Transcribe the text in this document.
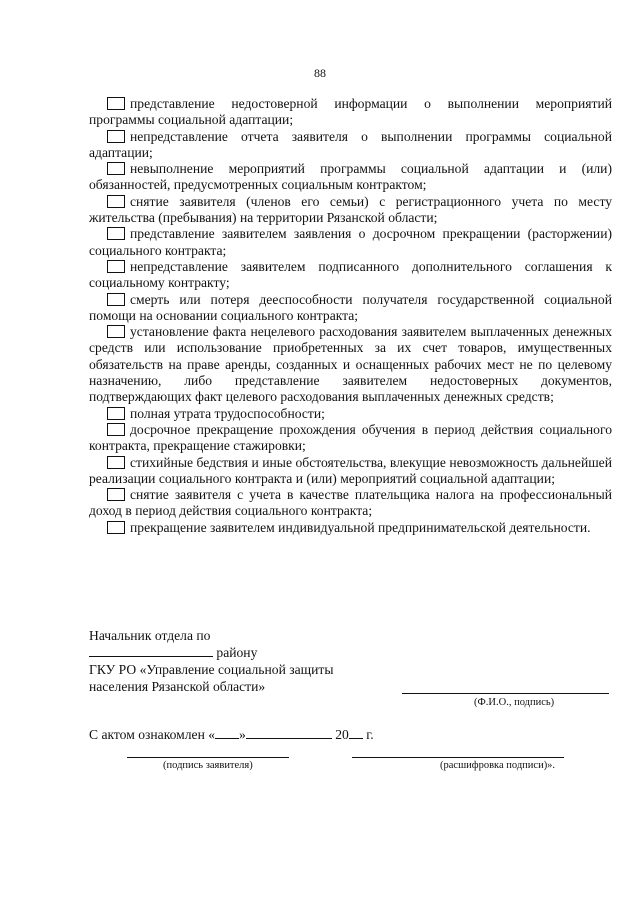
88

представление недостоверной информации о выполнении мероприятий программы социальной адаптации;

непредставление отчета заявителя о выполнении программы социальной адаптации;

невыполнение мероприятий программы социальной адаптации и (или) обязанностей, предусмотренных социальным контрактом;

снятие заявителя (членов его семьи) с регистрационного учета по месту жительства (пребывания) на территории Рязанской области;

представление заявителем заявления о досрочном прекращении (расторжении) социального контракта;

непредставление заявителем подписанного дополнительного соглашения к социальному контракту;

смерть или потеря дееспособности получателя государственной социальной помощи на основании социального контракта;

установление факта нецелевого расходования заявителем выплаченных денежных средств или использование приобретенных за их счет товаров, имущественных обязательств на праве аренды, созданных и оснащенных рабочих мест не по целевому назначению, либо представление заявителем недостоверных документов, подтверждающих факт целевого расходования выплаченных денежных средств;

полная утрата трудоспособности;

досрочное прекращение прохождения обучения в период действия социального контракта, прекращение стажировки;

стихийные бедствия и иные обстоятельства, влекущие невозможность дальнейшей реализации социального контракта и (или) мероприятий социальной адаптации;

снятие заявителя с учета в качестве плательщика налога на профессиональный доход в период действия социального контракта;

прекращение заявителем индивидуальной предпринимательской деятельности.

Начальник отдела по
району
ГКУ РО «Управление социальной защиты
населения Рязанской области»
(Ф.И.О., подпись)
С актом ознакомлен « »	20 г.
(подпись заявителя)	(расшифровка подписи)».
